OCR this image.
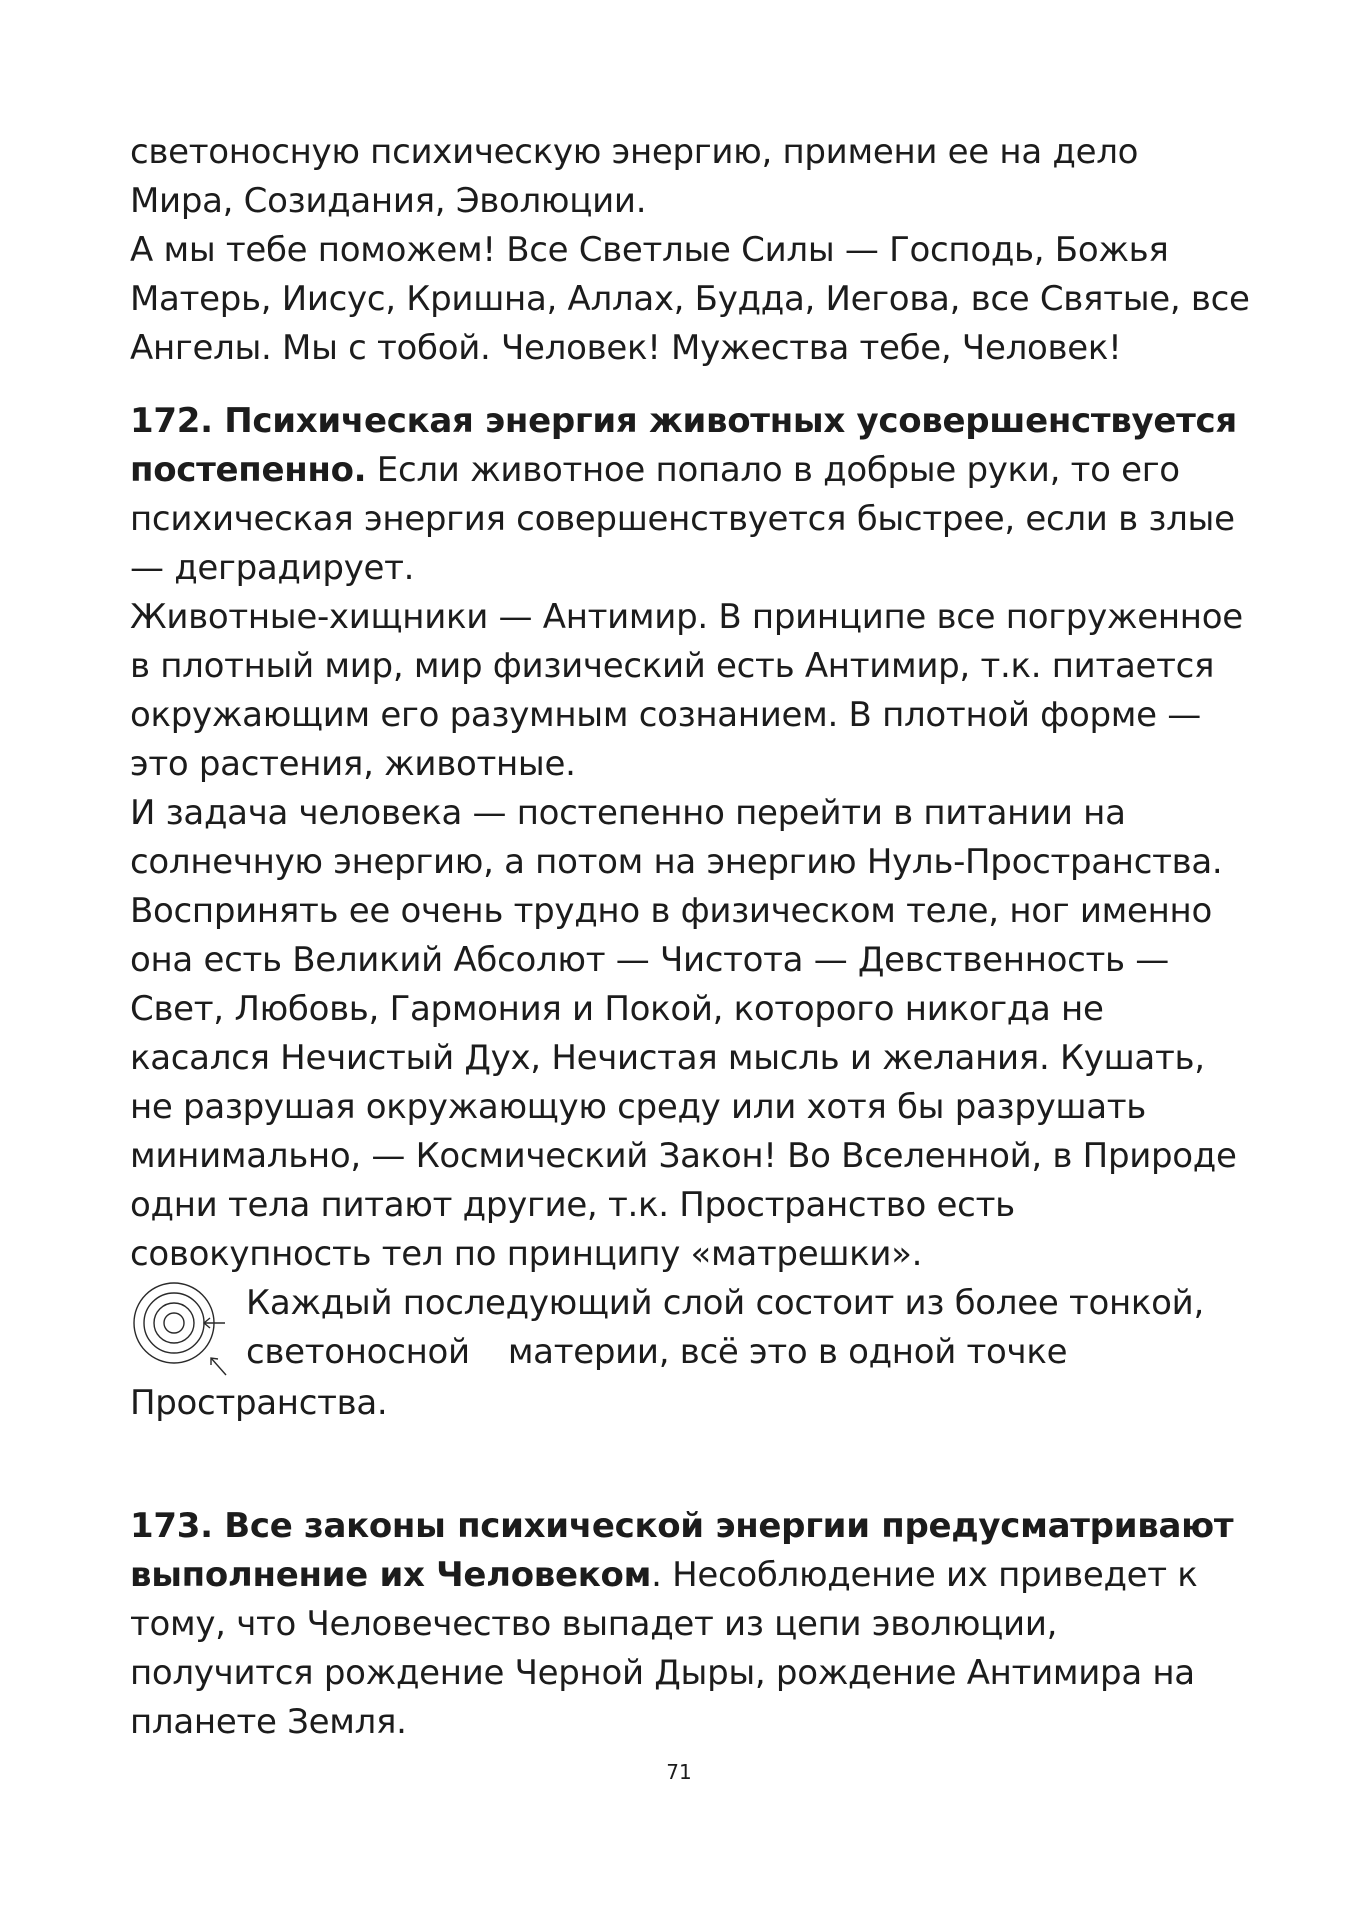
светоносную психическую энергию, примени ее на дело Мира, Созидания, Эволюции.

А мы тебе поможем! Все Светлые Силы — Господь, Божья Матерь, Иисус, Кришна, Аллах, Будда, Иегова, все Святые, все Ангелы. Мы с тобой. Человек! Мужества тебе, Человек!

172. Психическая энергия животных усовершенствуется постепенно. Если животное попало в добрые руки, то его психическая энергия совершенствуется быстрее, если в злые — деградирует.

Животные-хищники — Антимир. В принципе все погруженное в плотный мир, мир физический есть Антимир, т.к. питается окружающим его разумным сознанием. В плотной форме — это растения, животные.

И задача человека — постепенно перейти в питании на солнечную энергию, а потом на энергию Нуль-Пространства. Воспринять ее очень трудно в физическом теле, ног именно она есть Великий Абсолют — Чистота — Девственность — Свет, Любовь, Гармония и Покой, которого никогда не касался Нечистый Дух, Нечистая мысль и желания. Кушать, не разрушая окружающую среду или хотя бы разрушать минимально, — Космический Закон! Во Вселенной, в Природе одни тела питают другие, т.к. Пространство есть совокупность тел по принципу «матрешки».

Каждый последующий слой состоит из более тонкой,

светоносной материи, всё это в одной точке

Пространства.

173. Все законы психической энергии предусматривают выполнение их Человеком. Несоблюдение их приведет к тому, что Человечество выпадет из цепи эволюции, получится рождение Черной Дыры, рождение Антимира на планете Земля.

71
